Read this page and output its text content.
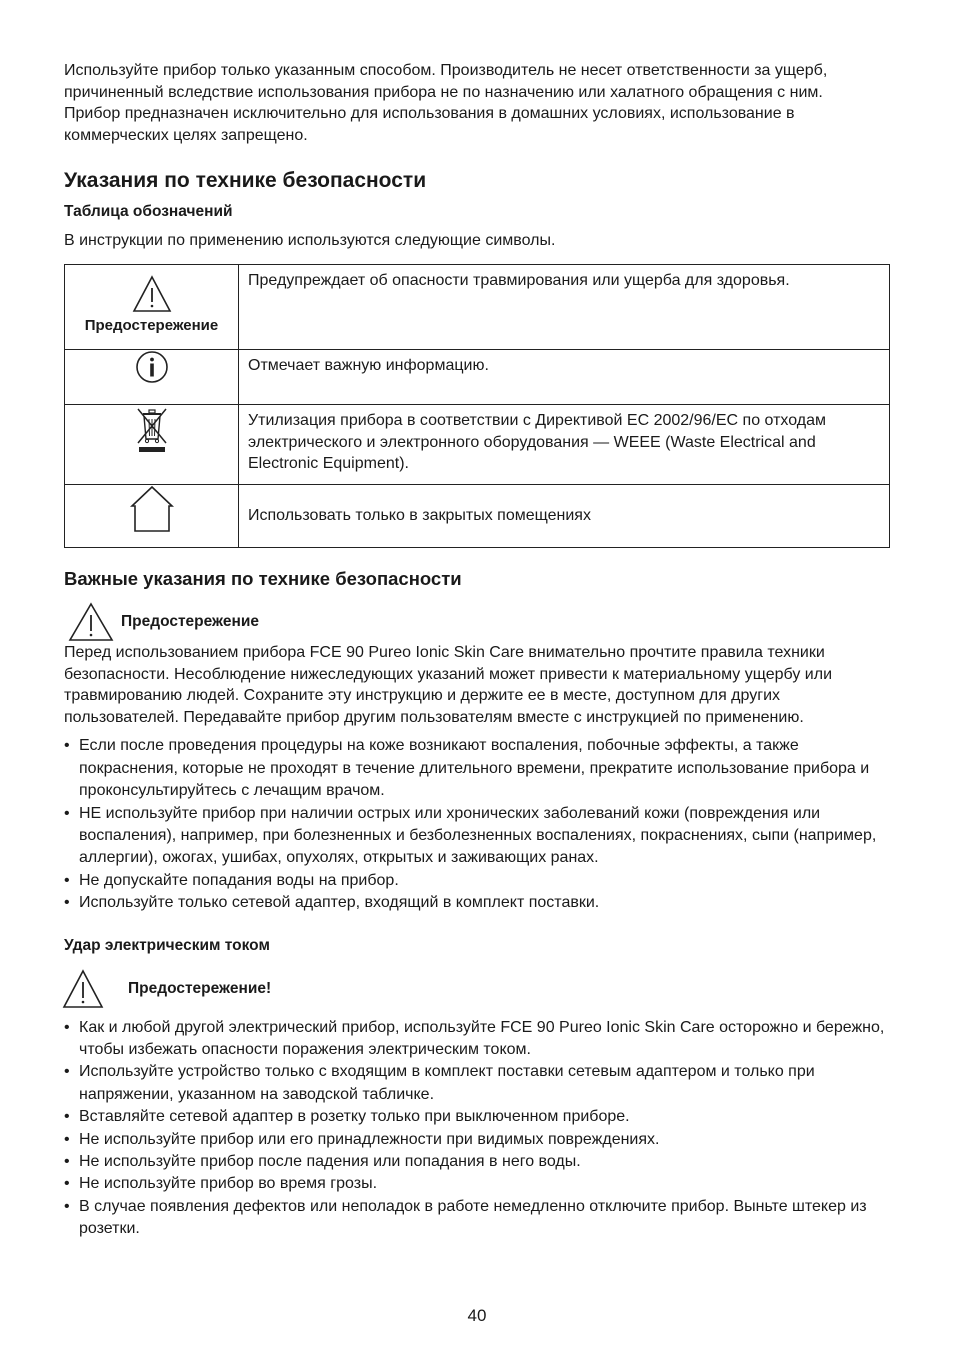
Используйте прибор только указанным способом. Производитель не несет ответственности за ущерб, причиненный вследствие использования прибора не по назначению или халатного обращения с ним.

Прибор предназначен исключительно для использования в домашних условиях, использование в коммерческих целях запрещено.

Указания по технике безопасности
Таблица обозначений

В инструкции по применению используются следующие символы.

Предостережение	Предупреждает об опасности травмирования или ущерба для здоровья.

	Отмечает важную информацию.

	Утилизация прибора в соответствии с Директивой ЕС 2002/96/EC по отходам электрического и электронного оборудования — WEEE (Waste Electrical and Electronic Equipment).

	Использовать только в закрытых помещениях
Важные указания по технике безопасности
Предостережение

Перед использованием прибора FCE 90 Pureo Ionic Skin Care внимательно прочтите правила техники безопасности. Несоблюдение нижеследующих указаний может привести к материальному ущербу или травмированию людей. Сохраните эту инструкцию и держите ее в месте, доступном для других пользователей. Передавайте прибор другим пользователям вместе с инструкцией по применению.

• Если после проведения процедуры на коже возникают воспаления, побочные эффекты, а также покраснения, которые не проходят в течение длительного времени, прекратите использование прибора и проконсультируйтесь с лечащим врачом.
• НЕ используйте прибор при наличии острых или хронических заболеваний кожи (повреждения или воспаления), например, при болезненных и безболезненных воспалениях, покраснениях, сыпи (например, аллергии), ожогах, ушибах, опухолях, открытых и заживающих ранах.
• Не допускайте попадания воды на прибор.
• Используйте только сетевой адаптер, входящий в комплект поставки.
Удар электрическим током
Предостережение!
• Как и любой другой электрический прибор, используйте FCE 90 Pureo Ionic Skin Care осторожно и бережно, чтобы избежать опасности поражения электрическим током.
• Используйте устройство только с входящим в комплект поставки сетевым адаптером и только при напряжении, указанном на заводской табличке.
• Вставляйте сетевой адаптер в розетку только при выключенном приборе.
• Не используйте прибор или его принадлежности при видимых повреждениях.
• Не используйте прибор после падения или попадания в него воды.
• Не используйте прибор во время грозы.
• В случае появления дефектов или неполадок в работе немедленно отключите прибор. Выньте штекер из розетки.
40
